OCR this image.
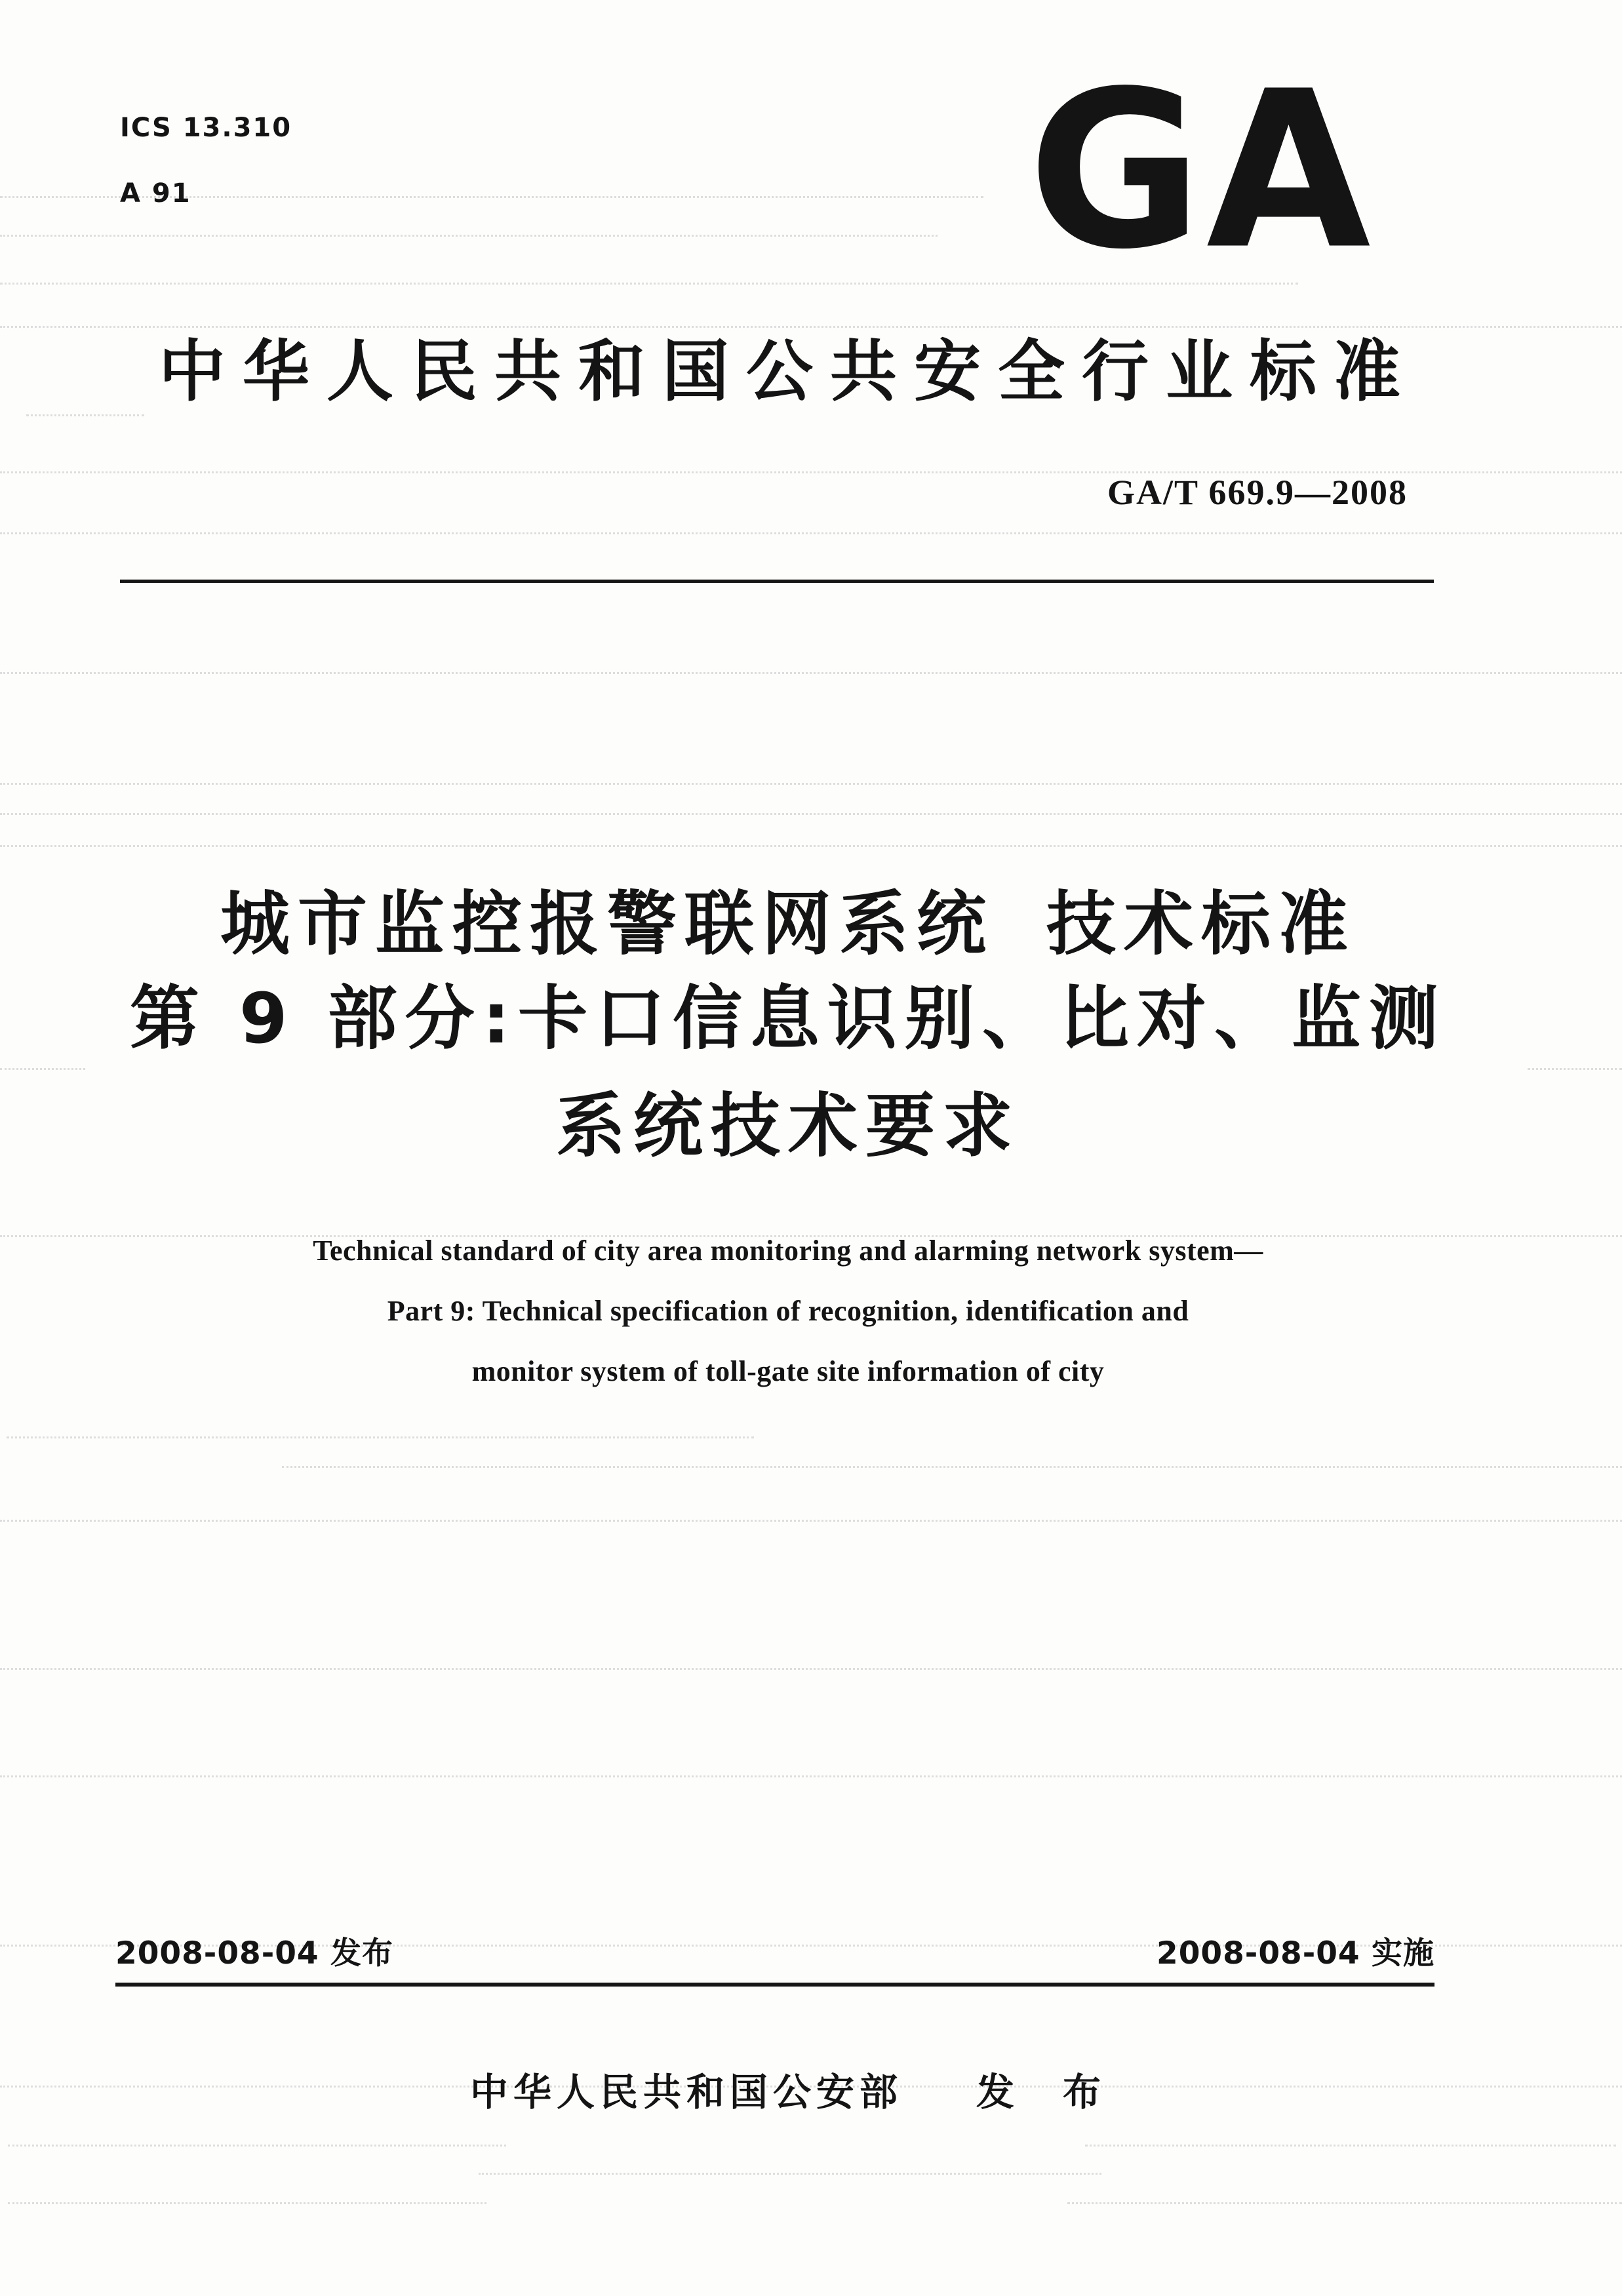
ICS 13.310

A 91	GA
中华人民共和国公共安全行业标准
GA/T 669.9—2008
城市监控报警联网系统 技术标准
第 9 部分:卡口信息识别、比对、监测
系统技术要求
Technical standard of city area monitoring and alarming network system—
Part 9: Technical specification of recognition, identification and
monitor system of toll-gate site information of city
2008-08-04 发布	2008-08-04 实施
中华人民共和国公安部 发　布
